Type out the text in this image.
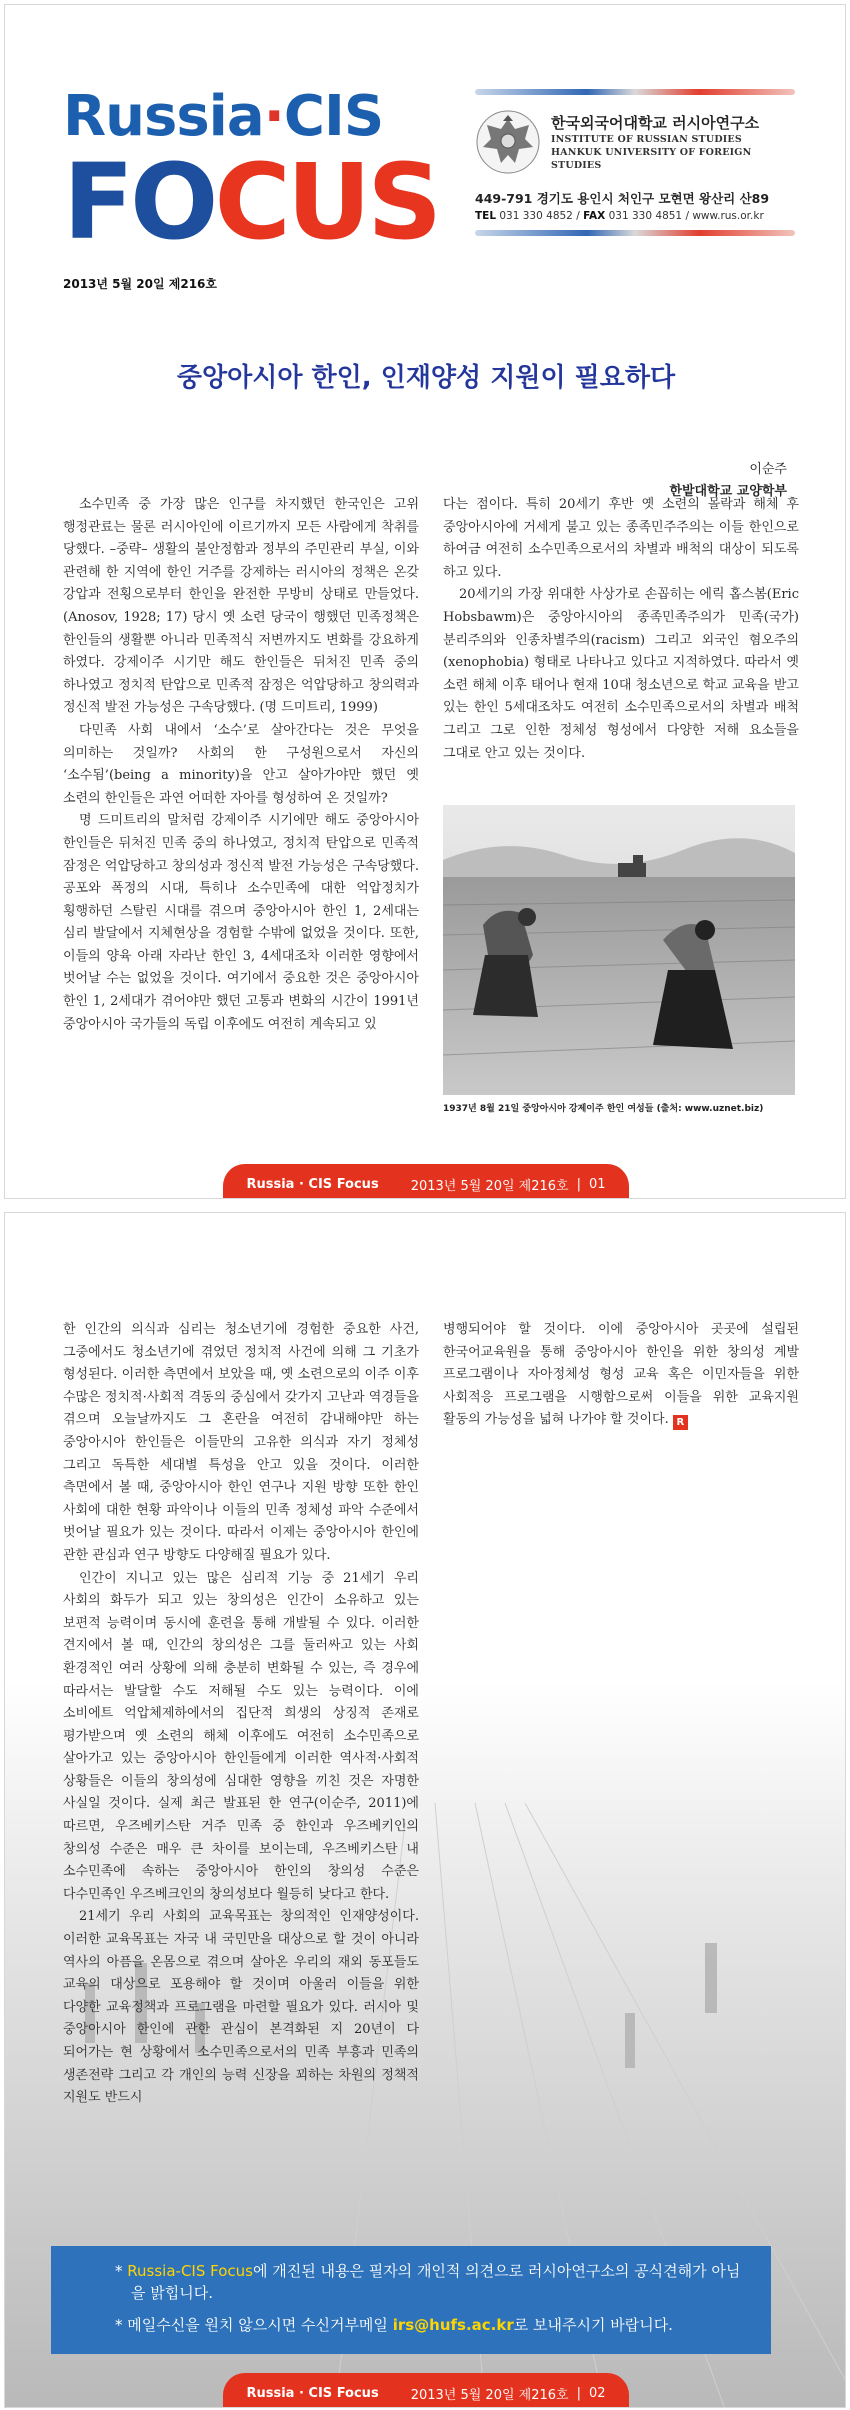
Russia · CIS
F O C U S
한국외국어대학교 러시아연구소
INSTITUTE OF RUSSIAN STUDIES
HANKUK UNIVERSITY OF FOREIGN STUDIES
449-791 경기도 용인시 처인구 모현면 왕산리 산89
TEL 031 330 4852 / FAX 031 330 4851 / www.rus.or.kr
2013년 5월 20일 제216호
중앙아시아 한인, 인재양성 지원이 필요하다
이순주
한밭대학교 교양학부

소수민족 중 가장 많은 인구를 차지했던 한국인은 고위 행정관료는 물론 러시아인에 이르기까지 모든 사람에게 착취를 당했다. –중략– 생활의 불안정함과 정부의 주민관리 부실, 이와 관련해 한 지역에 한인 거주를 강제하는 러시아의 정책은 온갖 강압과 전횡으로부터 한인을 완전한 무방비 상태로 만들었다. (Anosov, 1928; 17) 당시 옛 소련 당국이 행했던 민족정책은 한인들의 생활뿐 아니라 민족적식 저변까지도 변화를 강요하게 하였다. 강제이주 시기만 해도 한인들은 뒤처진 민족 중의 하나였고 정치적 탄압으로 민족적 잠정은 억압당하고 창의력과 정신적 발전 가능성은 구속당했다. (명 드미트리, 1999)

다민족 사회 내에서 ‘소수’로 살아간다는 것은 무엇을 의미하는 것일까? 사회의 한 구성원으로서 자신의 ‘소수됨’(being a minority)을 안고 살아가야만 했던 옛 소련의 한인들은 과연 어떠한 자아를 형성하여 온 것일까?

명 드미트리의 말처럼 강제이주 시기에만 해도 중앙아시아 한인들은 뒤처진 민족 중의 하나였고, 정치적 탄압으로 민족적 잠정은 억압당하고 창의성과 정신적 발전 가능성은 구속당했다. 공포와 폭정의 시대, 특히나 소수민족에 대한 억압정치가 횡행하던 스탈린 시대를 겪으며 중앙아시아 한인 1, 2세대는 심리 발달에서 지체현상을 경험할 수밖에 없었을 것이다. 또한, 이들의 양육 아래 자라난 한인 3, 4세대조차 이러한 영향에서 벗어날 수는 없었을 것이다. 여기에서 중요한 것은 중앙아시아 한인 1, 2세대가 겪어야만 했던 고통과 변화의 시간이 1991년 중앙아시아 국가들의 독립 이후에도 여전히 계속되고 있

다는 점이다. 특히 20세기 후반 옛 소련의 몰락과 해체 후 중앙아시아에 거세게 불고 있는 종족민주주의는 이들 한인으로 하여금 여전히 소수민족으로서의 차별과 배척의 대상이 되도록 하고 있다.

20세기의 가장 위대한 사상가로 손꼽히는 에릭 홉스봄(Eric Hobsbawm)은 중앙아시아의 종족민족주의가 민족(국가)분리주의와 인종차별주의(racism) 그리고 외국인 혐오주의(xenophobia) 형태로 나타나고 있다고 지적하였다. 따라서 옛 소련 해체 이후 태어나 현재 10대 청소년으로 학교 교육을 받고 있는 한인 5세대조차도 여전히 소수민족으로서의 차별과 배척 그리고 그로 인한 정체성 형성에서 다양한 저해 요소들을 그대로 안고 있는 것이다.

1937년 8월 21일 중앙아시아 강제이주 한인 여성들 (출처: www.uznet.biz)
Russia · CIS Focus 2013년 5월 20일 제216호 | 01

한 인간의 의식과 심리는 청소년기에 경험한 중요한 사건, 그중에서도 청소년기에 겪었던 정치적 사건에 의해 그 기초가 형성된다. 이러한 측면에서 보았을 때, 옛 소련으로의 이주 이후 수많은 정치적·사회적 격동의 중심에서 갖가지 고난과 역경들을 겪으며 오늘날까지도 그 혼란을 여전히 감내해야만 하는 중앙아시아 한인들은 이들만의 고유한 의식과 자기 정체성 그리고 독특한 세대별 특성을 안고 있을 것이다. 이러한 측면에서 볼 때, 중앙아시아 한인 연구나 지원 방향 또한 한인 사회에 대한 현황 파악이나 이들의 민족 정체성 파악 수준에서 벗어날 필요가 있는 것이다. 따라서 이제는 중앙아시아 한인에 관한 관심과 연구 방향도 다양해질 필요가 있다.

인간이 지니고 있는 많은 심리적 기능 중 21세기 우리 사회의 화두가 되고 있는 창의성은 인간이 소유하고 있는 보편적 능력이며 동시에 훈련을 통해 개발될 수 있다. 이러한 견지에서 볼 때, 인간의 창의성은 그를 둘러싸고 있는 사회 환경적인 여러 상황에 의해 충분히 변화될 수 있는, 즉 경우에 따라서는 발달할 수도 저해될 수도 있는 능력이다. 이에 소비에트 억압체제하에서의 집단적 희생의 상징적 존재로 평가받으며 옛 소련의 해체 이후에도 여전히 소수민족으로 살아가고 있는 중앙아시아 한인들에게 이러한 역사적·사회적 상황들은 이들의 창의성에 심대한 영향을 끼친 것은 자명한 사실일 것이다. 실제 최근 발표된 한 연구(이순주, 2011)에 따르면, 우즈베키스탄 거주 민족 중 한인과 우즈베키인의 창의성 수준은 매우 큰 차이를 보이는데, 우즈베키스탄 내 소수민족에 속하는 중앙아시아 한인의 창의성 수준은 다수민족인 우즈베크인의 창의성보다 월등히 낮다고 한다.

21세기 우리 사회의 교육목표는 창의적인 인재양성이다. 이러한 교육목표는 자국 내 국민만을 대상으로 할 것이 아니라 역사의 아픔을 온몸으로 겪으며 살아온 우리의 재외 동포들도 교육의 대상으로 포용해야 할 것이며 아울러 이들을 위한 다양한 교육정책과 프로그램을 마련할 필요가 있다. 러시아 및 중앙아시아 한인에 관한 관심이 본격화된 지 20년이 다 되어가는 현 상황에서 소수민족으로서의 민족 부흥과 민족의 생존전략 그리고 각 개인의 능력 신장을 꾀하는 차원의 정책적 지원도 반드시

병행되어야 할 것이다. 이에 중앙아시아 곳곳에 설립된 한국어교육원을 통해 중앙아시아 한인을 위한 창의성 계발 프로그램이나 자아정체성 형성 교육 혹은 이민자들을 위한 사회적응 프로그램을 시행함으로써 이들을 위한 교육지원 활동의 가능성을 넓혀 나가야 할 것이다. R

* Russia-CIS Focus에 개진된 내용은 필자의 개인적 의견으로 러시아연구소의 공식견해가 아님을 밝힙니다.
* 메일수신을 원치 않으시면 수신거부메일 irs@hufs.ac.kr로 보내주시기 바랍니다.
Russia · CIS Focus 2013년 5월 20일 제216호 | 02
